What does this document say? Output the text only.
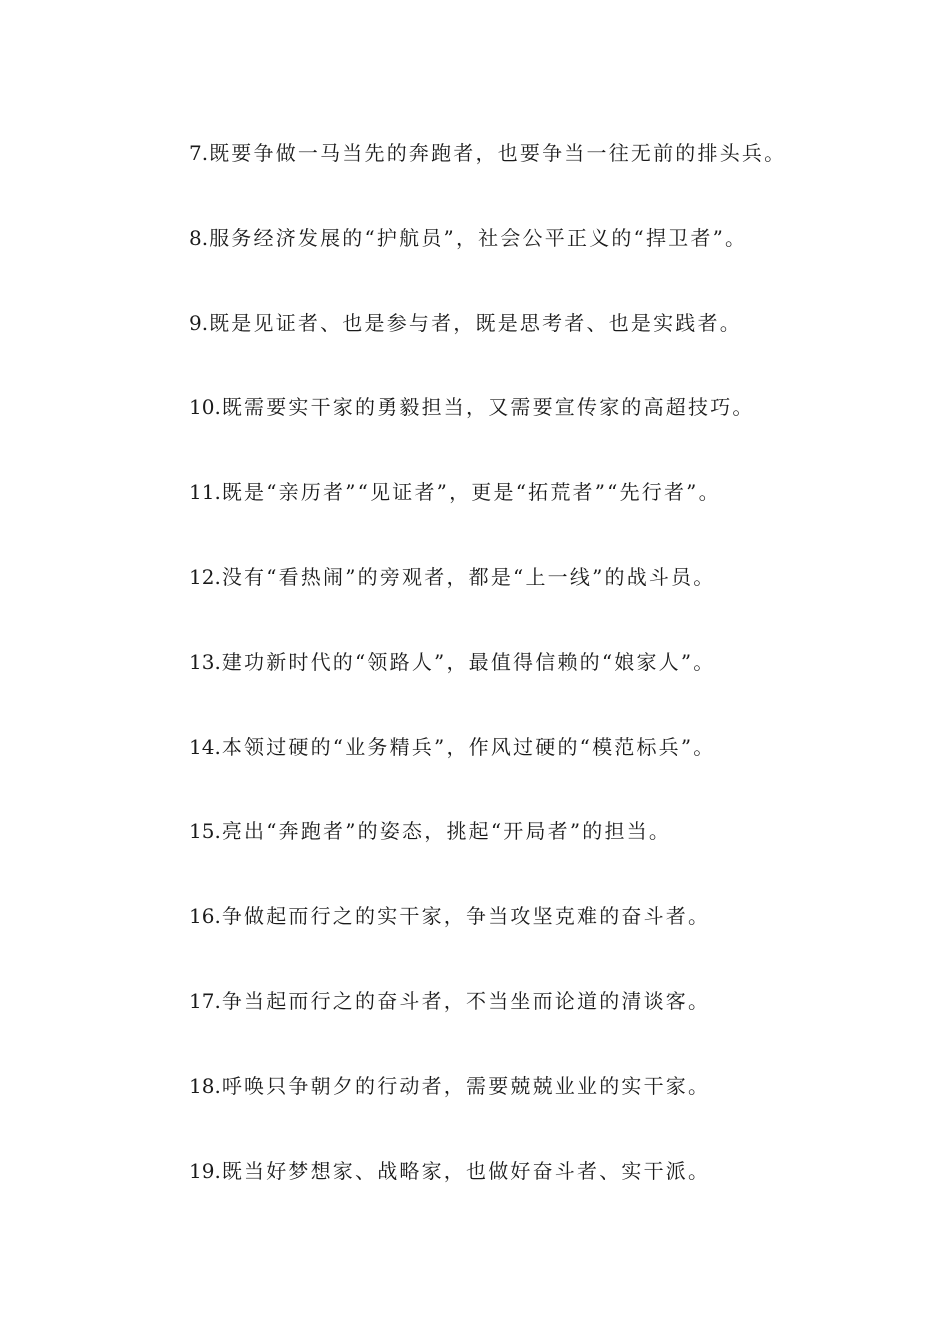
7.既要争做一马当先的奔跑者，也要争当一往无前的排头兵。
8.服务经济发展的“护航员”，社会公平正义的“捍卫者”。
9.既是见证者、也是参与者，既是思考者、也是实践者。
10.既需要实干家的勇毅担当，又需要宣传家的高超技巧。
11.既是“亲历者”“见证者”，更是“拓荒者”“先行者”。
12.没有“看热闹”的旁观者，都是“上一线”的战斗员。
13.建功新时代的“领路人”，最值得信赖的“娘家人”。
14.本领过硬的“业务精兵”，作风过硬的“模范标兵”。
15.亮出“奔跑者”的姿态，挑起“开局者”的担当。
16.争做起而行之的实干家，争当攻坚克难的奋斗者。
17.争当起而行之的奋斗者，不当坐而论道的清谈客。
18.呼唤只争朝夕的行动者，需要兢兢业业的实干家。
19.既当好梦想家、战略家，也做好奋斗者、实干派。
